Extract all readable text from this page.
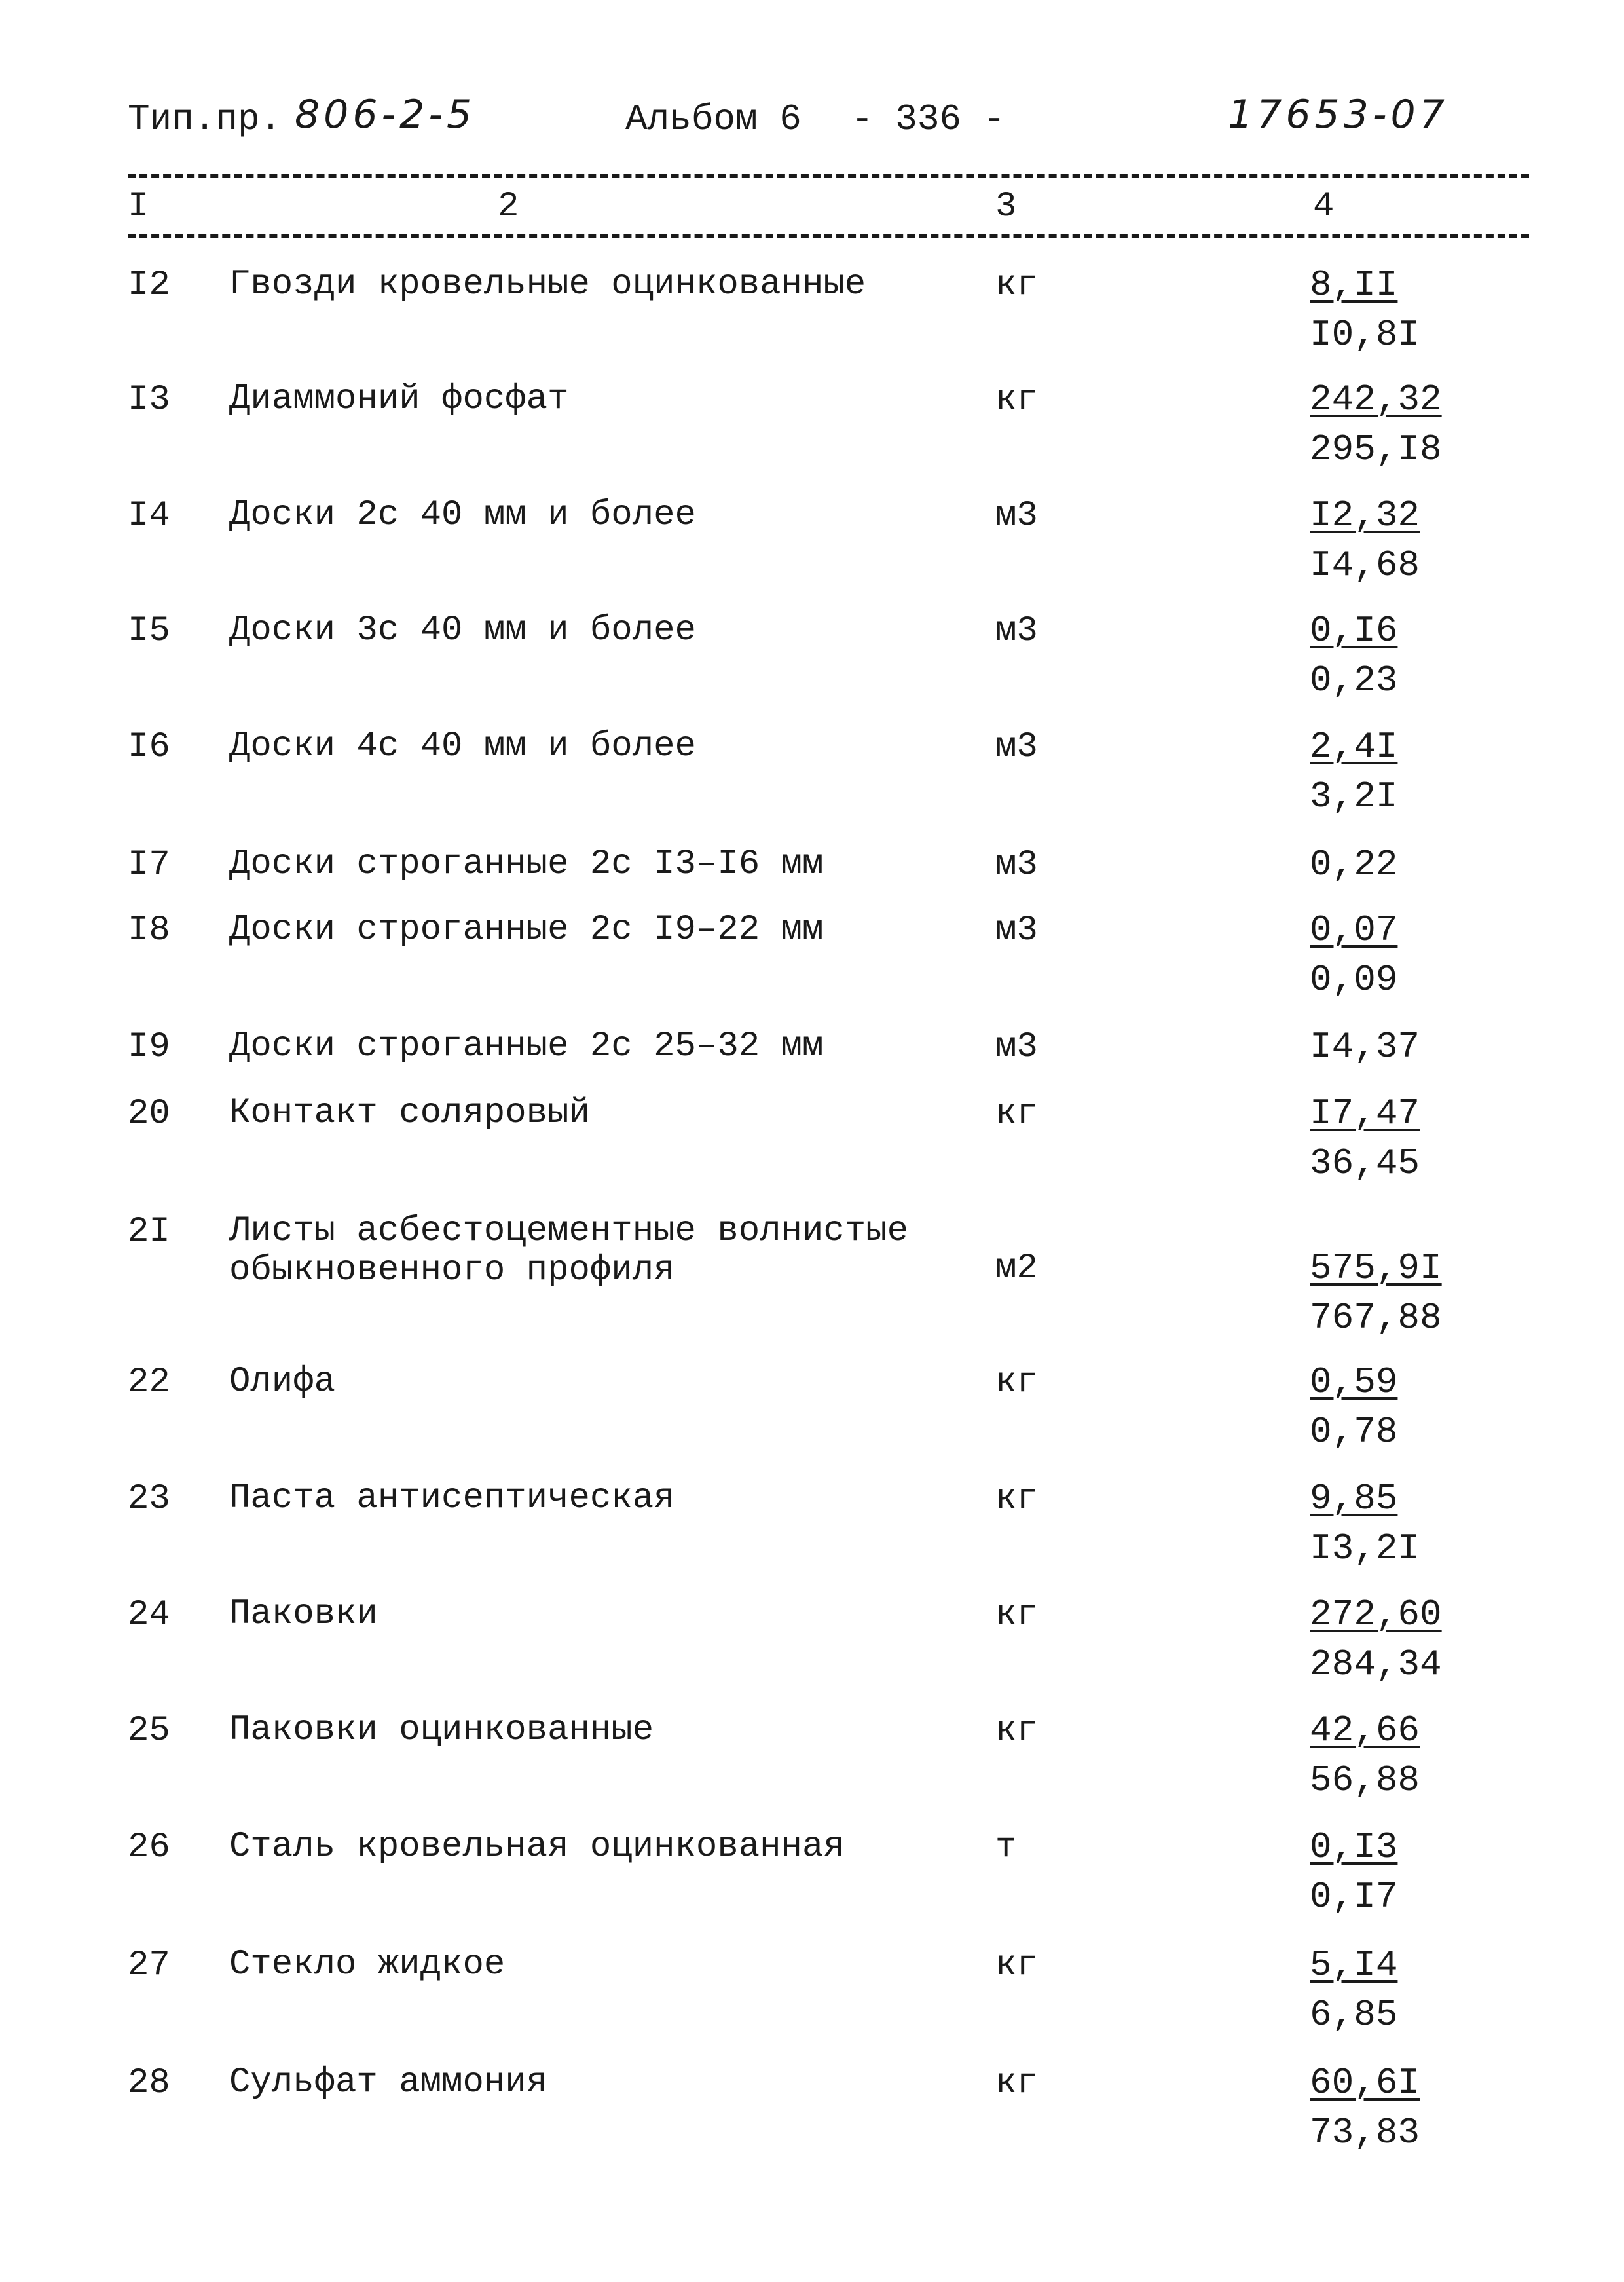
Тип.пр. 806-2-5	Альбом 6 - 336 -	17653-07
I	2	3	4
I2 Гвозди кровельные оцинкованные	кг	$\frac{8,II}{I0,8I}$
I3 Диаммоний фосфат	кг	$\frac{242,32}{295,I8}$
I4 Доски 2с 40 мм и более	м3	$\frac{I2,32}{I4,68}$
I5 Доски 3с 40 мм и более	м3	$\frac{0,I6}{0,23}$
I6 Доски 4с 40 мм и более	м3	$\frac{2,4I}{3,2I}$
I7 Доски строганные 2с I3–I6 мм	м3	0,22
I8 Доски строганные 2с I9–22 мм	м3	$\frac{0,07}{0,09}$
I9 Доски строганные 2с 25–32 мм	м3	I4,37
20 Контакт соляровый	кг	$\frac{I7,47}{36,45}$
2I Листы асбестоцементные волнистые
обыкновенного профиля	м2	$\frac{575,9I}{767,88}$
22 Олифа	кг	$\frac{0,59}{0,78}$
23 Паста антисептическая	кг	$\frac{9,85}{I3,2I}$
24 Паковки	кг	$\frac{272,60}{284,34}$
25 Паковки оцинкованные	кг	$\frac{42,66}{56,88}$
26 Сталь кровельная оцинкованная	т	$\frac{0,I3}{0,I7}$
27 Стекло жидкое	кг	$\frac{5,I4}{6,85}$
28 Сульфат аммония	кг	$\frac{60,6I}{73,83}$
